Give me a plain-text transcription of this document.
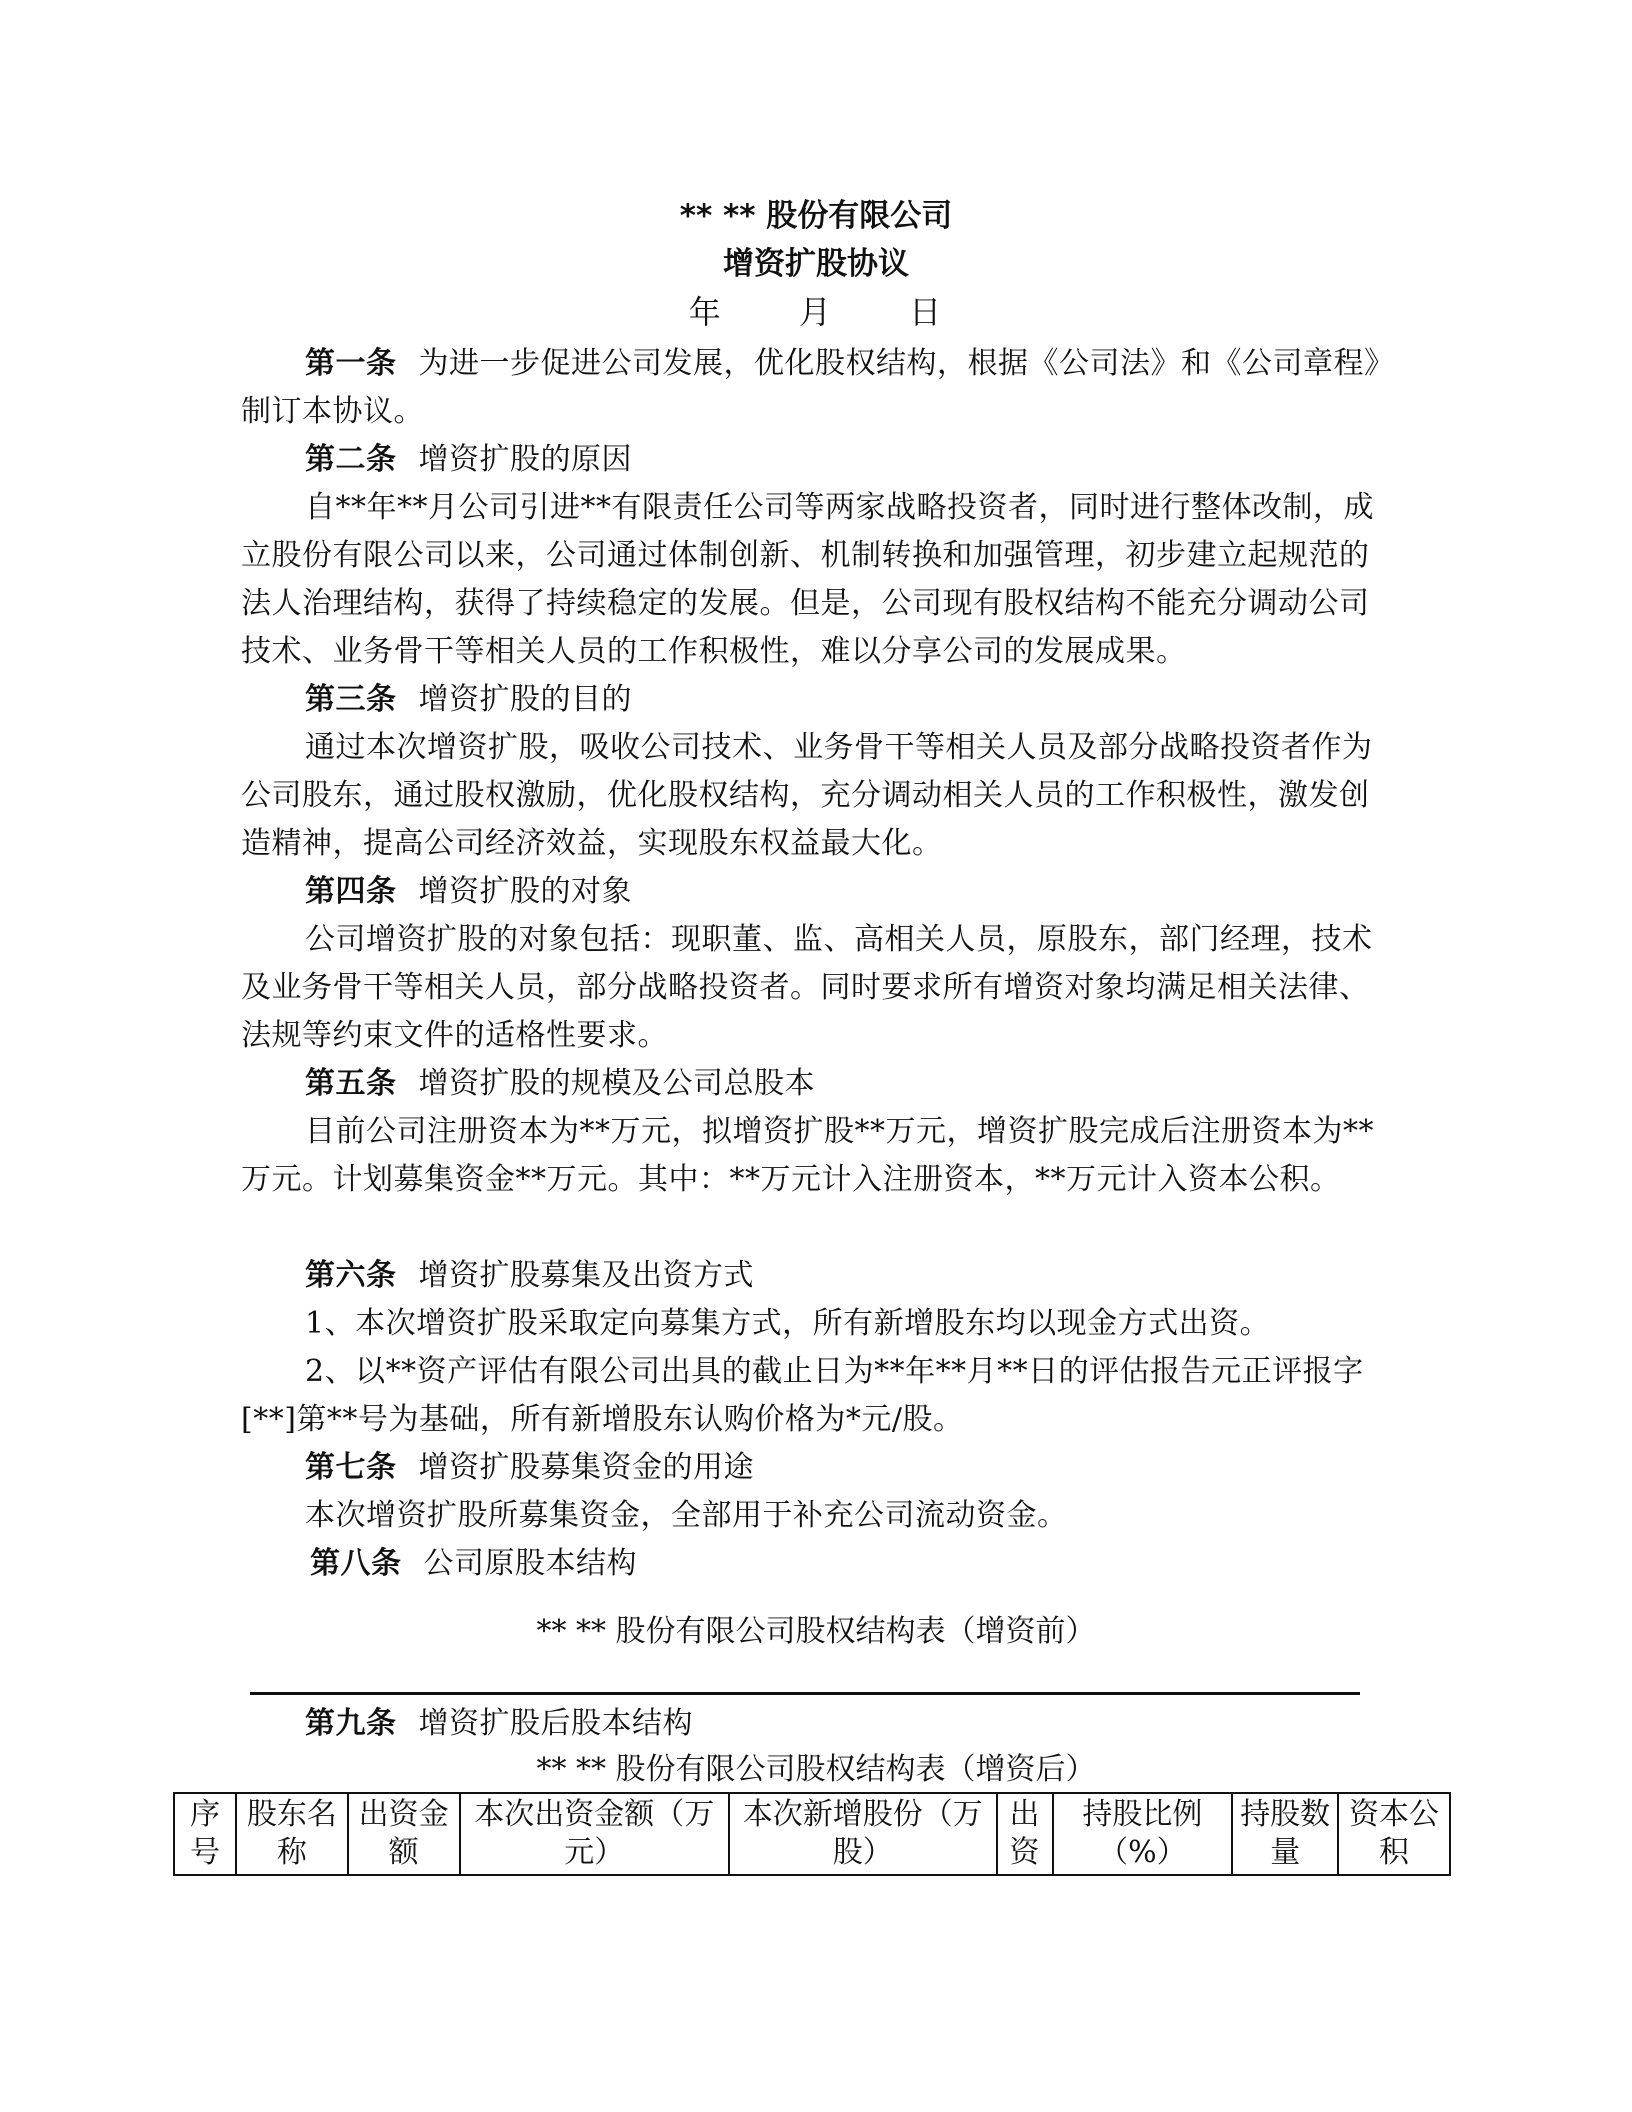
** ** 股份有限公司
增资扩股协议
年 月 日
第一条 为进一步促进公司发展，优化股权结构，根据《公司法》和《公司章程》制订本协议。
第二条 增资扩股的原因
自**年**月公司引进**有限责任公司等两家战略投资者，同时进行整体改制，成立股份有限公司以来，公司通过体制创新、机制转换和加强管理，初步建立起规范的法人治理结构，获得了持续稳定的发展。但是，公司现有股权结构不能充分调动公司技术、业务骨干等相关人员的工作积极性，难以分享公司的发展成果。
第三条 增资扩股的目的
通过本次增资扩股，吸收公司技术、业务骨干等相关人员及部分战略投资者作为公司股东，通过股权激励，优化股权结构，充分调动相关人员的工作积极性，激发创造精神，提高公司经济效益，实现股东权益最大化。
第四条 增资扩股的对象
公司增资扩股的对象包括：现职董、监、高相关人员，原股东，部门经理，技术及业务骨干等相关人员，部分战略投资者。同时要求所有增资对象均满足相关法律、法规等约束文件的适格性要求。
第五条 增资扩股的规模及公司总股本
目前公司注册资本为**万元，拟增资扩股**万元，增资扩股完成后注册资本为**万元。计划募集资金**万元。其中：**万元计入注册资本，**万元计入资本公积。
第六条 增资扩股募集及出资方式
1、本次增资扩股采取定向募集方式，所有新增股东均以现金方式出资。
2、以**资产评估有限公司出具的截止日为**年**月**日的评估报告元正评报字[**]第**号为基础，所有新增股东认购价格为*元/股。
第七条 增资扩股募集资金的用途
本次增资扩股所募集资金，全部用于补充公司流动资金。
第八条 公司原股本结构
** ** 股份有限公司股权结构表（增资前）
第九条 增资扩股后股本结构
** ** 股份有限公司股权结构表（增资后）
序号	股东名称	出资金额	本次出资金额（万元）	本次新增股份（万股）	出资	持股比例（%）	持股数量	资本公积
